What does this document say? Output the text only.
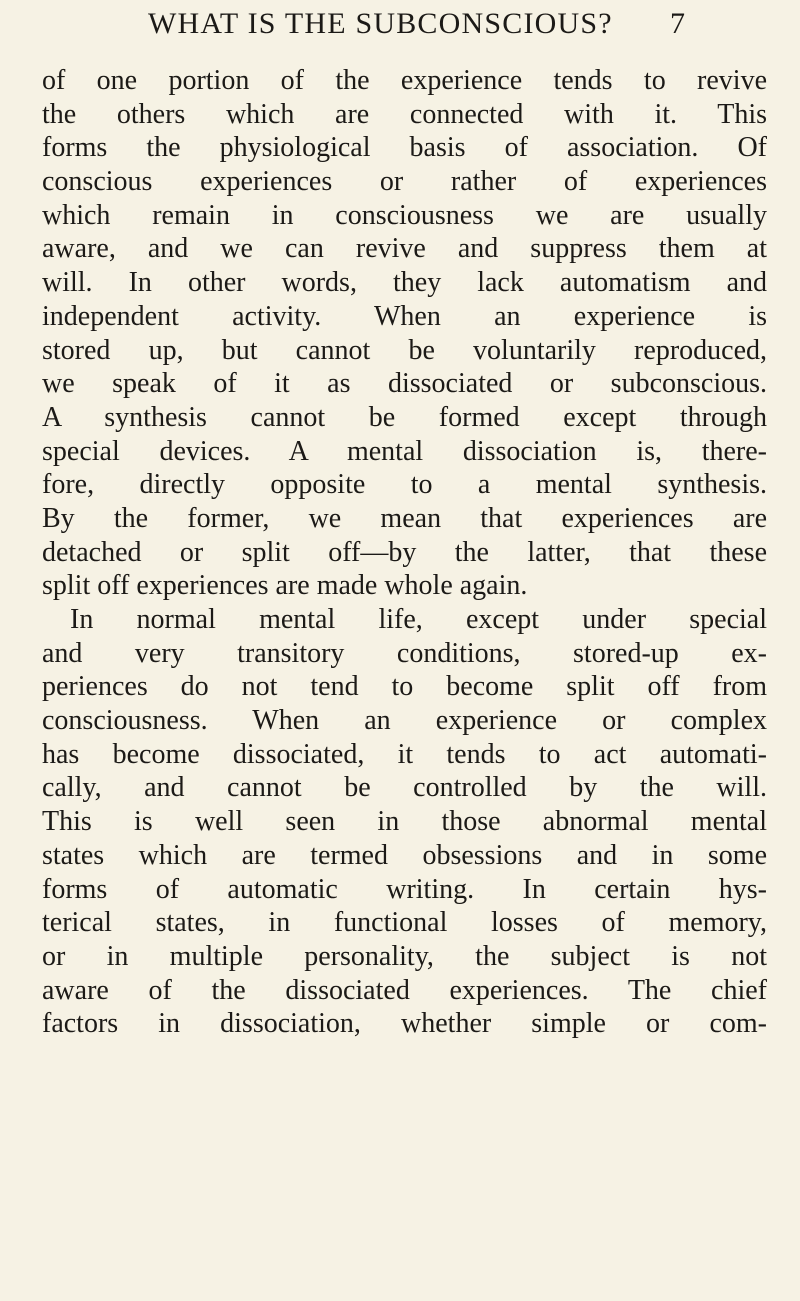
WHAT IS THE SUBCONSCIOUS? 7
of one portion of the experience tends to revive
the others which are connected with it. This
forms the physiological basis of association. Of
conscious experiences or rather of experiences
which remain in consciousness we are usually
aware, and we can revive and suppress them at
will. In other words, they lack automatism and
independent activity. When an experience is
stored up, but cannot be voluntarily reproduced,
we speak of it as dissociated or subconscious.
A synthesis cannot be formed except through
special devices. A mental dissociation is, there-
fore, directly opposite to a mental synthesis.
By the former, we mean that experiences are
detached or split off—by the latter, that these
split off experiences are made whole again.
In normal mental life, except under special
and very transitory conditions, stored-up ex-
periences do not tend to become split off from
consciousness. When an experience or complex
has become dissociated, it tends to act automati-
cally, and cannot be controlled by the will.
This is well seen in those abnormal mental
states which are termed obsessions and in some
forms of automatic writing. In certain hys-
terical states, in functional losses of memory,
or in multiple personality, the subject is not
aware of the dissociated experiences. The chief
factors in dissociation, whether simple or com-
